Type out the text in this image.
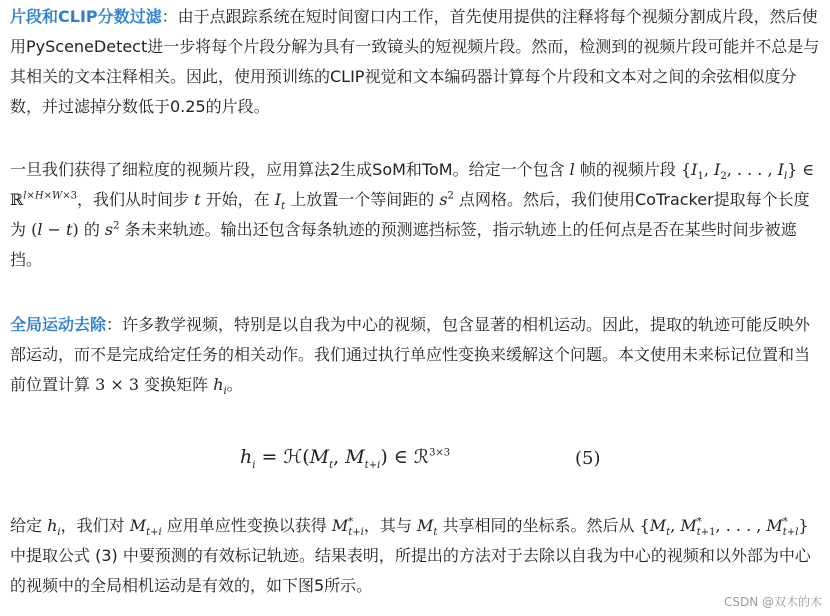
片段和CLIP分数过滤：由于点跟踪系统在短时间窗口内工作，首先使用提供的注释将每个视频分割成片段，然后使用PySceneDetect进一步将每个片段分解为具有一致镜头的短视频片段。然而，检测到的视频片段可能并不总是与其相关的文本注释相关。因此，使用预训练的CLIP视觉和文本编码器计算每个片段和文本对之间的余弦相似度分数，并过滤掉分数低于0.25的片段。

一旦我们获得了细粒度的视频片段，应用算法2生成SoM和ToM。给定一个包含 l 帧的视频片段 {$I_1$, $I_2$, . . . , $I_l$} ∈ ℝ$^{l\times H\times W\times 3}$，我们从时间步 t 开始，在 $I_t$ 上放置一个等间距的 $s^2$ 点网格。然后，我们使用CoTracker提取每个长度为 (l − t) 的 $s^2$ 条未来轨迹。输出还包含每条轨迹的预测遮挡标签，指示轨迹上的任何点是否在某些时间步被遮挡。

全局运动去除：许多教学视频，特别是以自我为中心的视频，包含显著的相机运动。因此，提取的轨迹可能反映外部运动，而不是完成给定任务的相关动作。我们通过执行单应性变换来缓解这个问题。本文使用未来标记位置和当前位置计算 3 × 3 变换矩阵 $h_i$。

$h_i$ = $ℋ(M_t$, $M_{t+i}$) ∈ ℛ$^{3\times 3}$	(5)

给定 $h_i$，我们对 $M_{t+i}$ 应用单应性变换以获得 $M^*_{t+i}$，其与 $M_t$ 共享相同的坐标系。然后从 {$M_t$, $M^*_{t+1}$, . . . , $M^*_{t+l}$} 中提取公式 (3) 中要预测的有效标记轨迹。结果表明，所提出的方法对于去除以自我为中心的视频和以外部为中心的视频中的全局相机运动是有效的，如下图5所示。

CSDN @双木的木
